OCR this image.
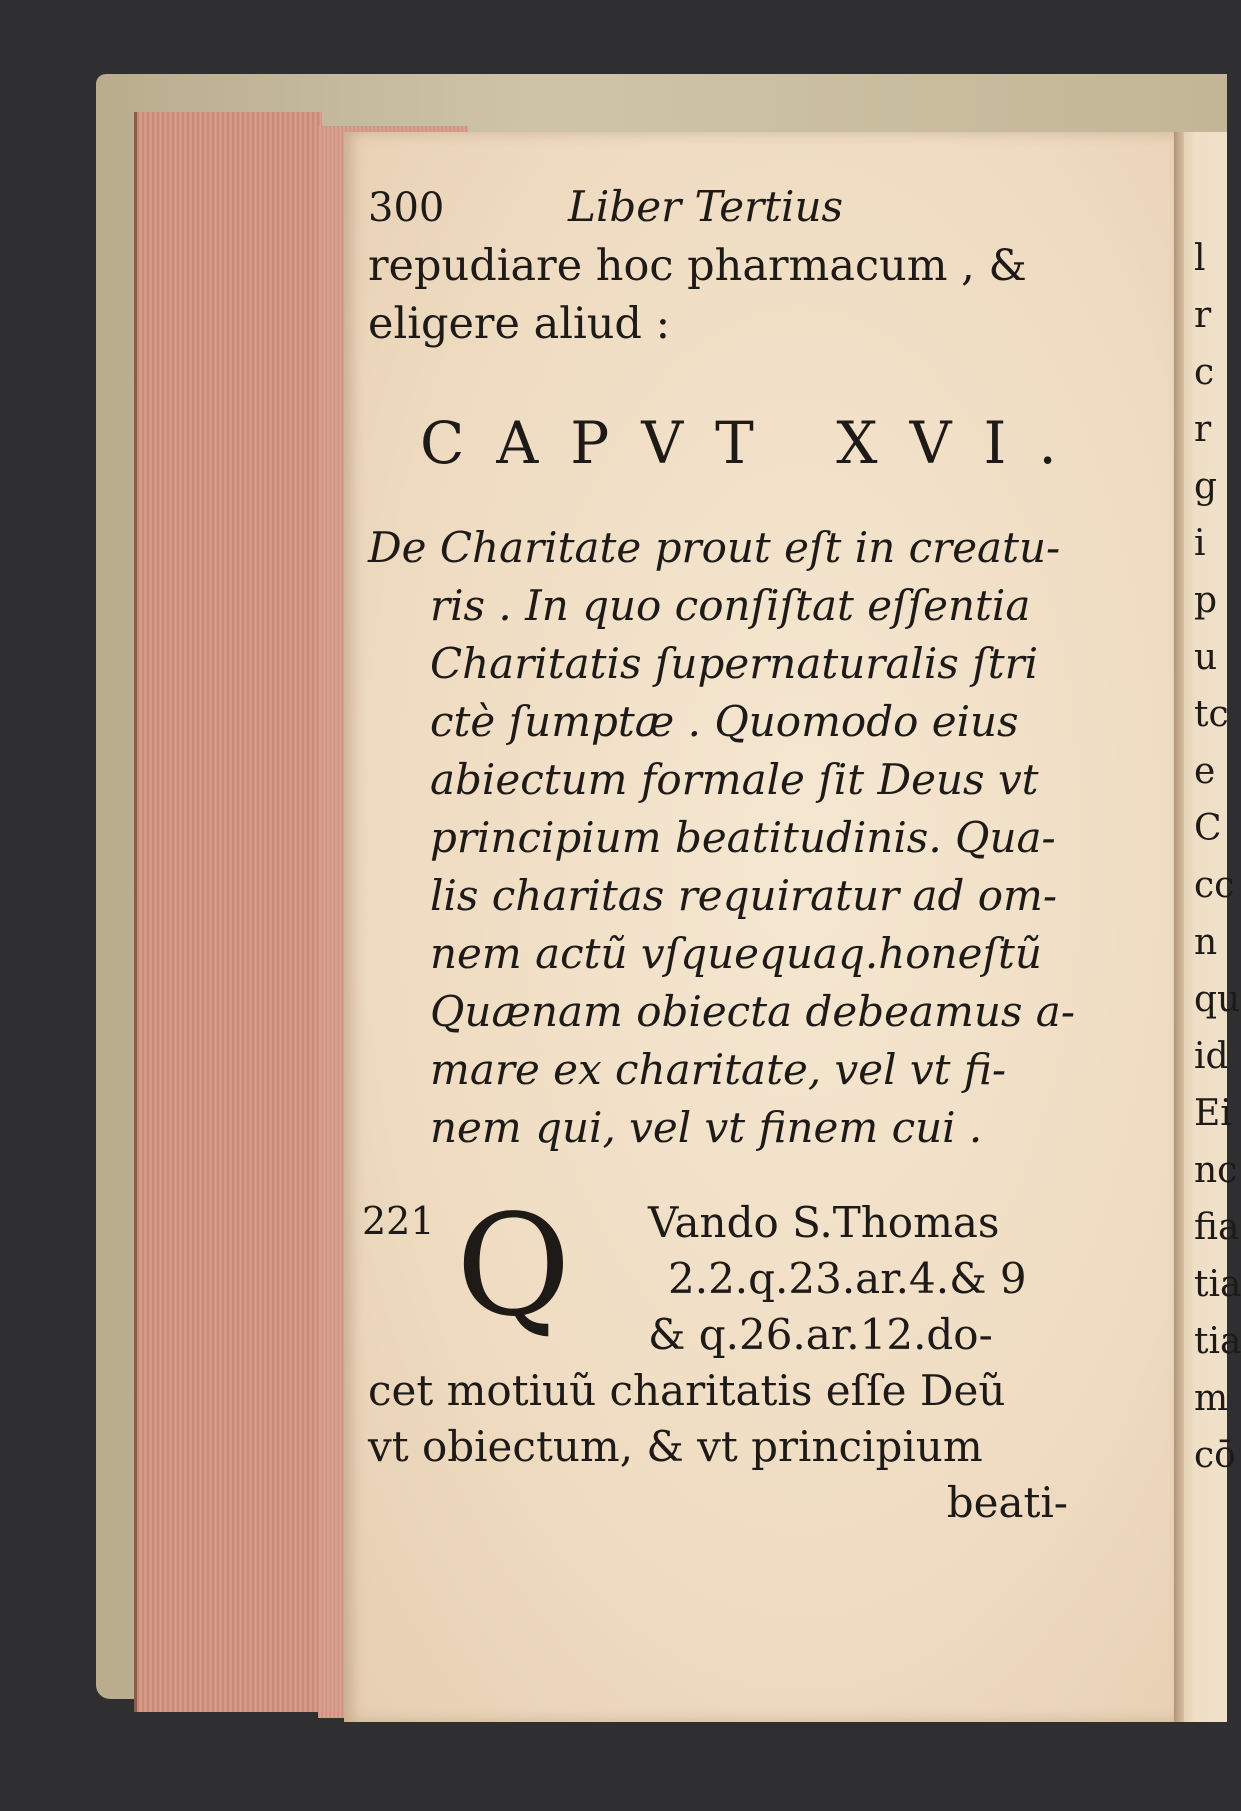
300	Liber Tertius
repudiare hoc pharmacum , &
eligere aliud :
CAPVT XVI.
De Charitate prout eſt in creatu-
ris . In quo conſiſtat eſſentia
Charitatis ſupernaturalis ſtri
ctè ſumptæ . Quomodo eius
abiectum formale ſit Deus vt
principium beatitudinis. Qua-
lis charitas requiratur ad om-
nem actũ vſquequaq.honeſtũ
Quænam obiecta debeamus a-
mare ex charitate, vel vt fi-
nem qui, vel vt finem cui .
221 Q	Vando S.Thomas
2.2.q.23.ar.4.& 9
& q.26.ar.12.do-
cet motiuũ charitatis eſſe Deũ
vt obiectum, & vt principium
beati-
l
r
c
r
g
i
p
u
tc
e
C
cc
n
qu
id
Ei
nc
fia
tia
tia
m
cō
